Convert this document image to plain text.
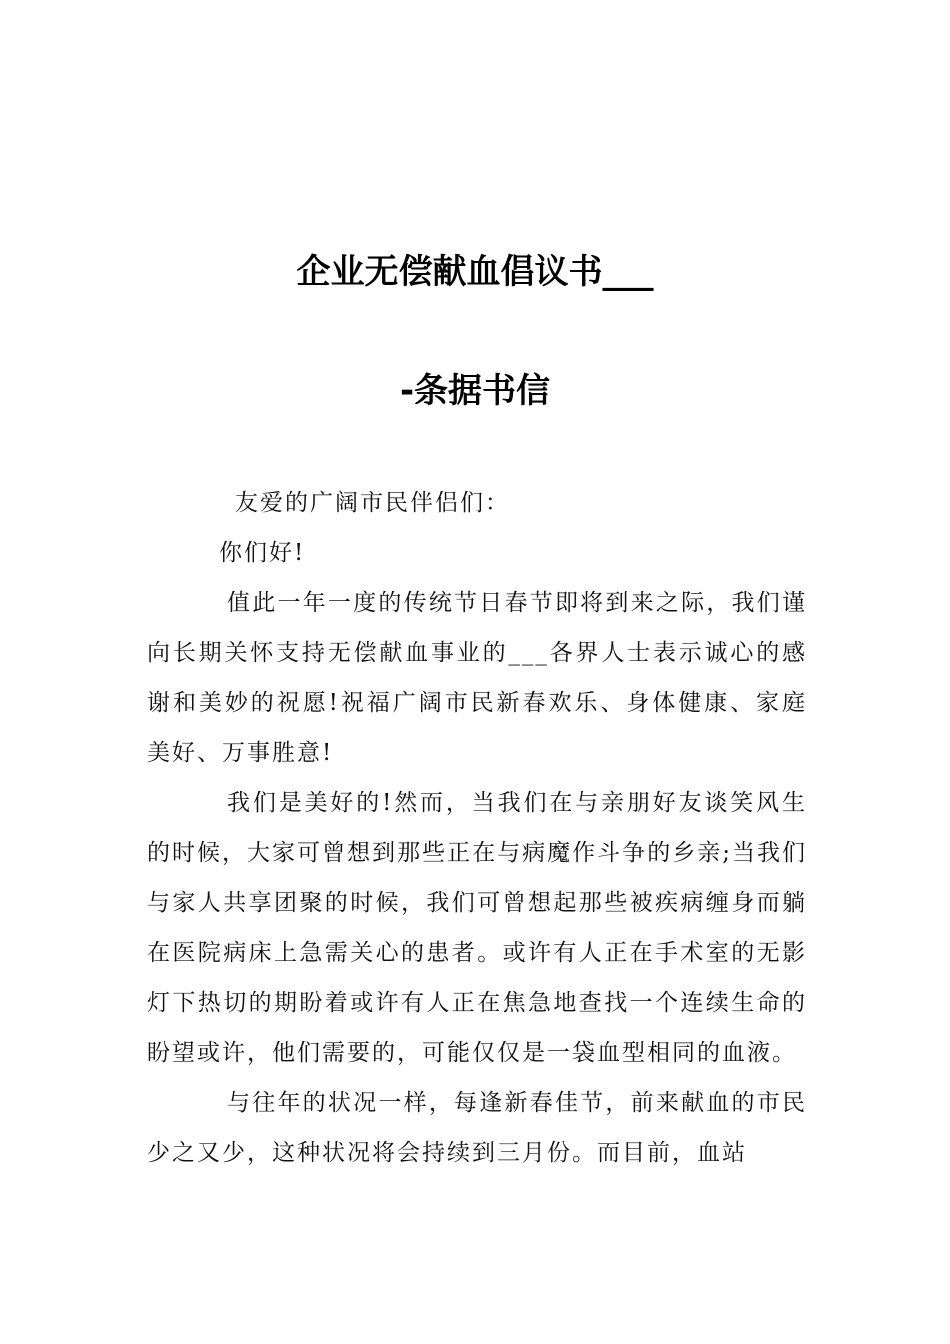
企业无偿献血倡议书___
-条据书信

友爱的广阔市民伴侣们：

你们好!

值此一年一度的传统节日春节即将到来之际，我们谨向长期关怀支持无偿献血事业的___各界人士表示诚心的感谢和美妙的祝愿!祝福广阔市民新春欢乐、身体健康、家庭美好、万事胜意!

我们是美好的!然而，当我们在与亲朋好友谈笑风生的时候，大家可曾想到那些正在与病魔作斗争的乡亲;当我们与家人共享团聚的时候，我们可曾想起那些被疾病缠身而躺在医院病床上急需关心的患者。或许有人正在手术室的无影灯下热切的期盼着或许有人正在焦急地查找一个连续生命的盼望或许，他们需要的，可能仅仅是一袋血型相同的血液。

与往年的状况一样，每逢新春佳节，前来献血的市民少之又少，这种状况将会持续到三月份。而目前，血站
